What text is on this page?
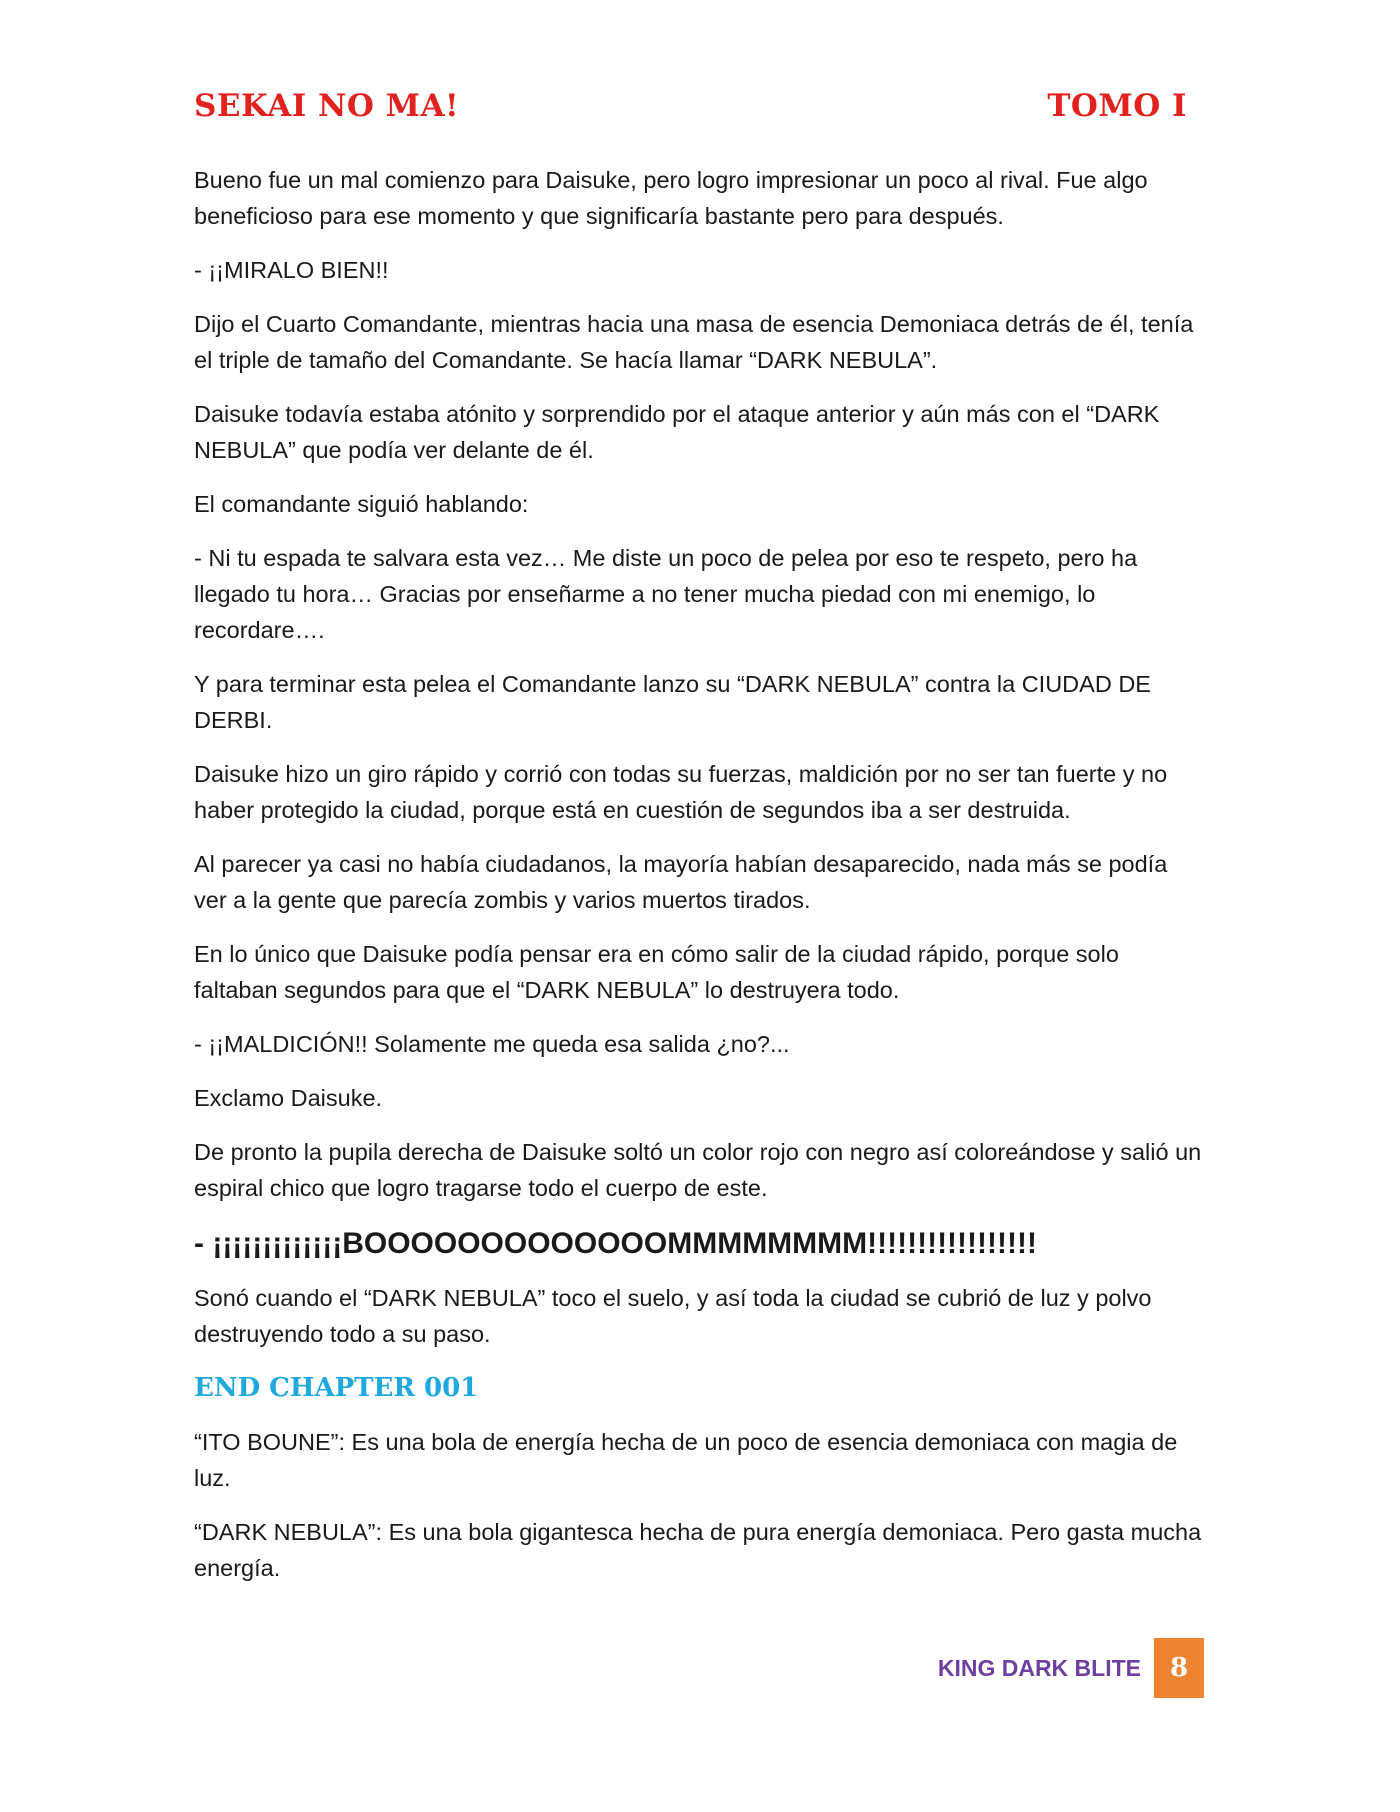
SEKAI NO MA!	TOMO I

Bueno fue un mal comienzo para Daisuke, pero logro impresionar un poco al rival. Fue algo beneficioso para ese momento y que significaría bastante pero para después.

- ¡¡MIRALO BIEN!!

Dijo el Cuarto Comandante, mientras hacia una masa de esencia Demoniaca detrás de él, tenía el triple de tamaño del Comandante. Se hacía llamar “DARK NEBULA”.

Daisuke todavía estaba atónito y sorprendido por el ataque anterior y aún más con el “DARK NEBULA” que podía ver delante de él.

El comandante siguió hablando:

- Ni tu espada te salvara esta vez… Me diste un poco de pelea por eso te respeto, pero ha llegado tu hora… Gracias por enseñarme a no tener mucha piedad con mi enemigo, lo recordare….

Y para terminar esta pelea el Comandante lanzo su “DARK NEBULA” contra la CIUDAD DE DERBI.

Daisuke hizo un giro rápido y corrió con todas su fuerzas, maldición por no ser tan fuerte y no haber protegido la ciudad, porque está en cuestión de segundos iba a ser destruida.

Al parecer ya casi no había ciudadanos, la mayoría habían desaparecido, nada más se podía ver a la gente que parecía zombis y varios muertos tirados.

En lo único que Daisuke podía pensar era en cómo salir de la ciudad rápido, porque solo faltaban segundos para que el “DARK NEBULA” lo destruyera todo.

- ¡¡MALDICIÓN!! Solamente me queda esa salida ¿no?...

Exclamo Daisuke.

De pronto la pupila derecha de Daisuke soltó un color rojo con negro así coloreándose y salió un espiral chico que logro tragarse todo el cuerpo de este.

- ¡¡¡¡¡¡¡¡¡¡¡¡¡BOOOOOOOOOOOOOMMMMMMMM!!!!!!!!!!!!!!!!!

Sonó cuando el “DARK NEBULA” toco el suelo, y así toda la ciudad se cubrió de luz y polvo destruyendo todo a su paso.

END CHAPTER 001

“ITO BOUNE”: Es una bola de energía hecha de un poco de esencia demoniaca con magia de luz.

“DARK NEBULA”: Es una bola gigantesca hecha de pura energía demoniaca. Pero gasta mucha energía.

KING DARK BLITE	8
